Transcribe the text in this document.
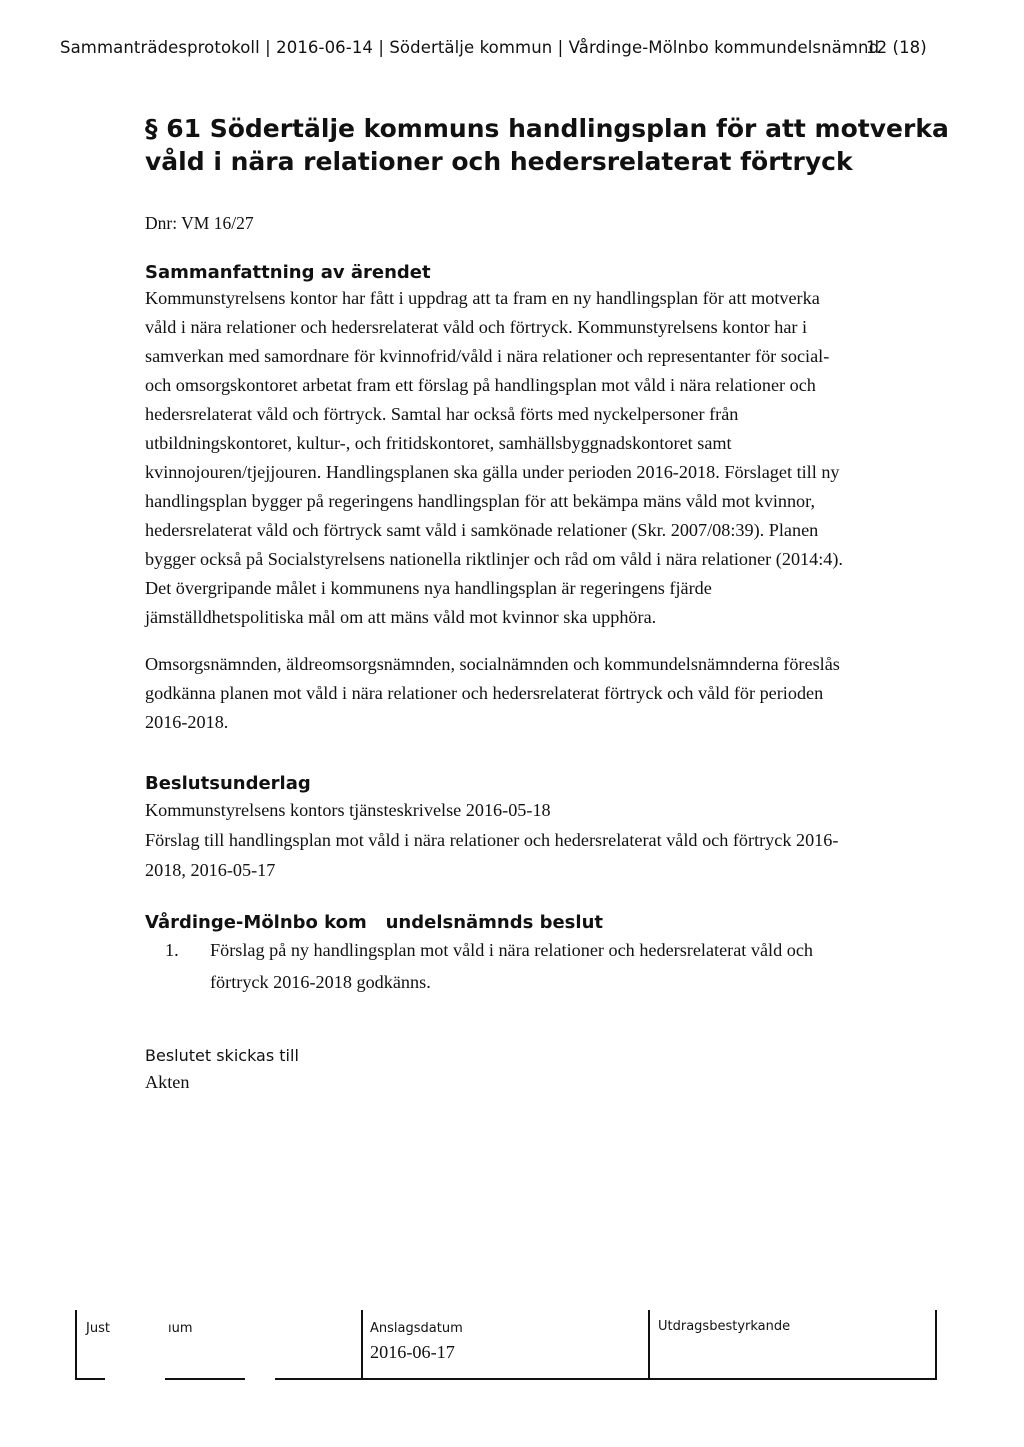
Sammanträdesprotokoll | 2016-06-14 | Södertälje kommun | Vårdinge-Mölnbo kommundelsnämnd
12 (18)
§ 61 Södertälje kommuns handlingsplan för att motverka
våld i nära relationer och hedersrelaterat förtryck
Dnr: VM 16/27
Sammanfattning av ärendet

Kommunstyrelsens kontor har fått i uppdrag att ta fram en ny handlingsplan för att motverka
våld i nära relationer och hedersrelaterat våld och förtryck. Kommunstyrelsens kontor har i
samverkan med samordnare för kvinnofrid/våld i nära relationer och representanter för social-
och omsorgskontoret arbetat fram ett förslag på handlingsplan mot våld i nära relationer och
hedersrelaterat våld och förtryck. Samtal har också förts med nyckelpersoner från
utbildningskontoret, kultur-, och fritidskontoret, samhällsbyggnadskontoret samt
kvinnojouren/tjejjouren. Handlingsplanen ska gälla under perioden 2016-2018. Förslaget till ny
handlingsplan bygger på regeringens handlingsplan för att bekämpa mäns våld mot kvinnor,
hedersrelaterat våld och förtryck samt våld i samkönade relationer (Skr. 2007/08:39). Planen
bygger också på Socialstyrelsens nationella riktlinjer och råd om våld i nära relationer (2014:4).
Det övergripande målet i kommunens nya handlingsplan är regeringens fjärde
jämställdhetspolitiska mål om att mäns våld mot kvinnor ska upphöra.

Omsorgsnämnden, äldreomsorgsnämnden, socialnämnden och kommundelsnämnderna föreslås
godkänna planen mot våld i nära relationer och hedersrelaterat förtryck och våld för perioden
2016-2018.

Beslutsunderlag

Kommunstyrelsens kontors tjänsteskrivelse 2016-05-18
Förslag till handlingsplan mot våld i nära relationer och hedersrelaterat våld och förtryck 2016-
2018, 2016-05-17

Vårdinge-Mölnbo kom   undelsnämnds beslut
1. Förslag på ny handlingsplan mot våld i nära relationer och hedersrelaterat våld och
förtryck 2016-2018 godkänns.
Beslutet skickas till
Akten
Just	ıum	Anslagsdatum
2016-06-17
Utdragsbestyrkande
